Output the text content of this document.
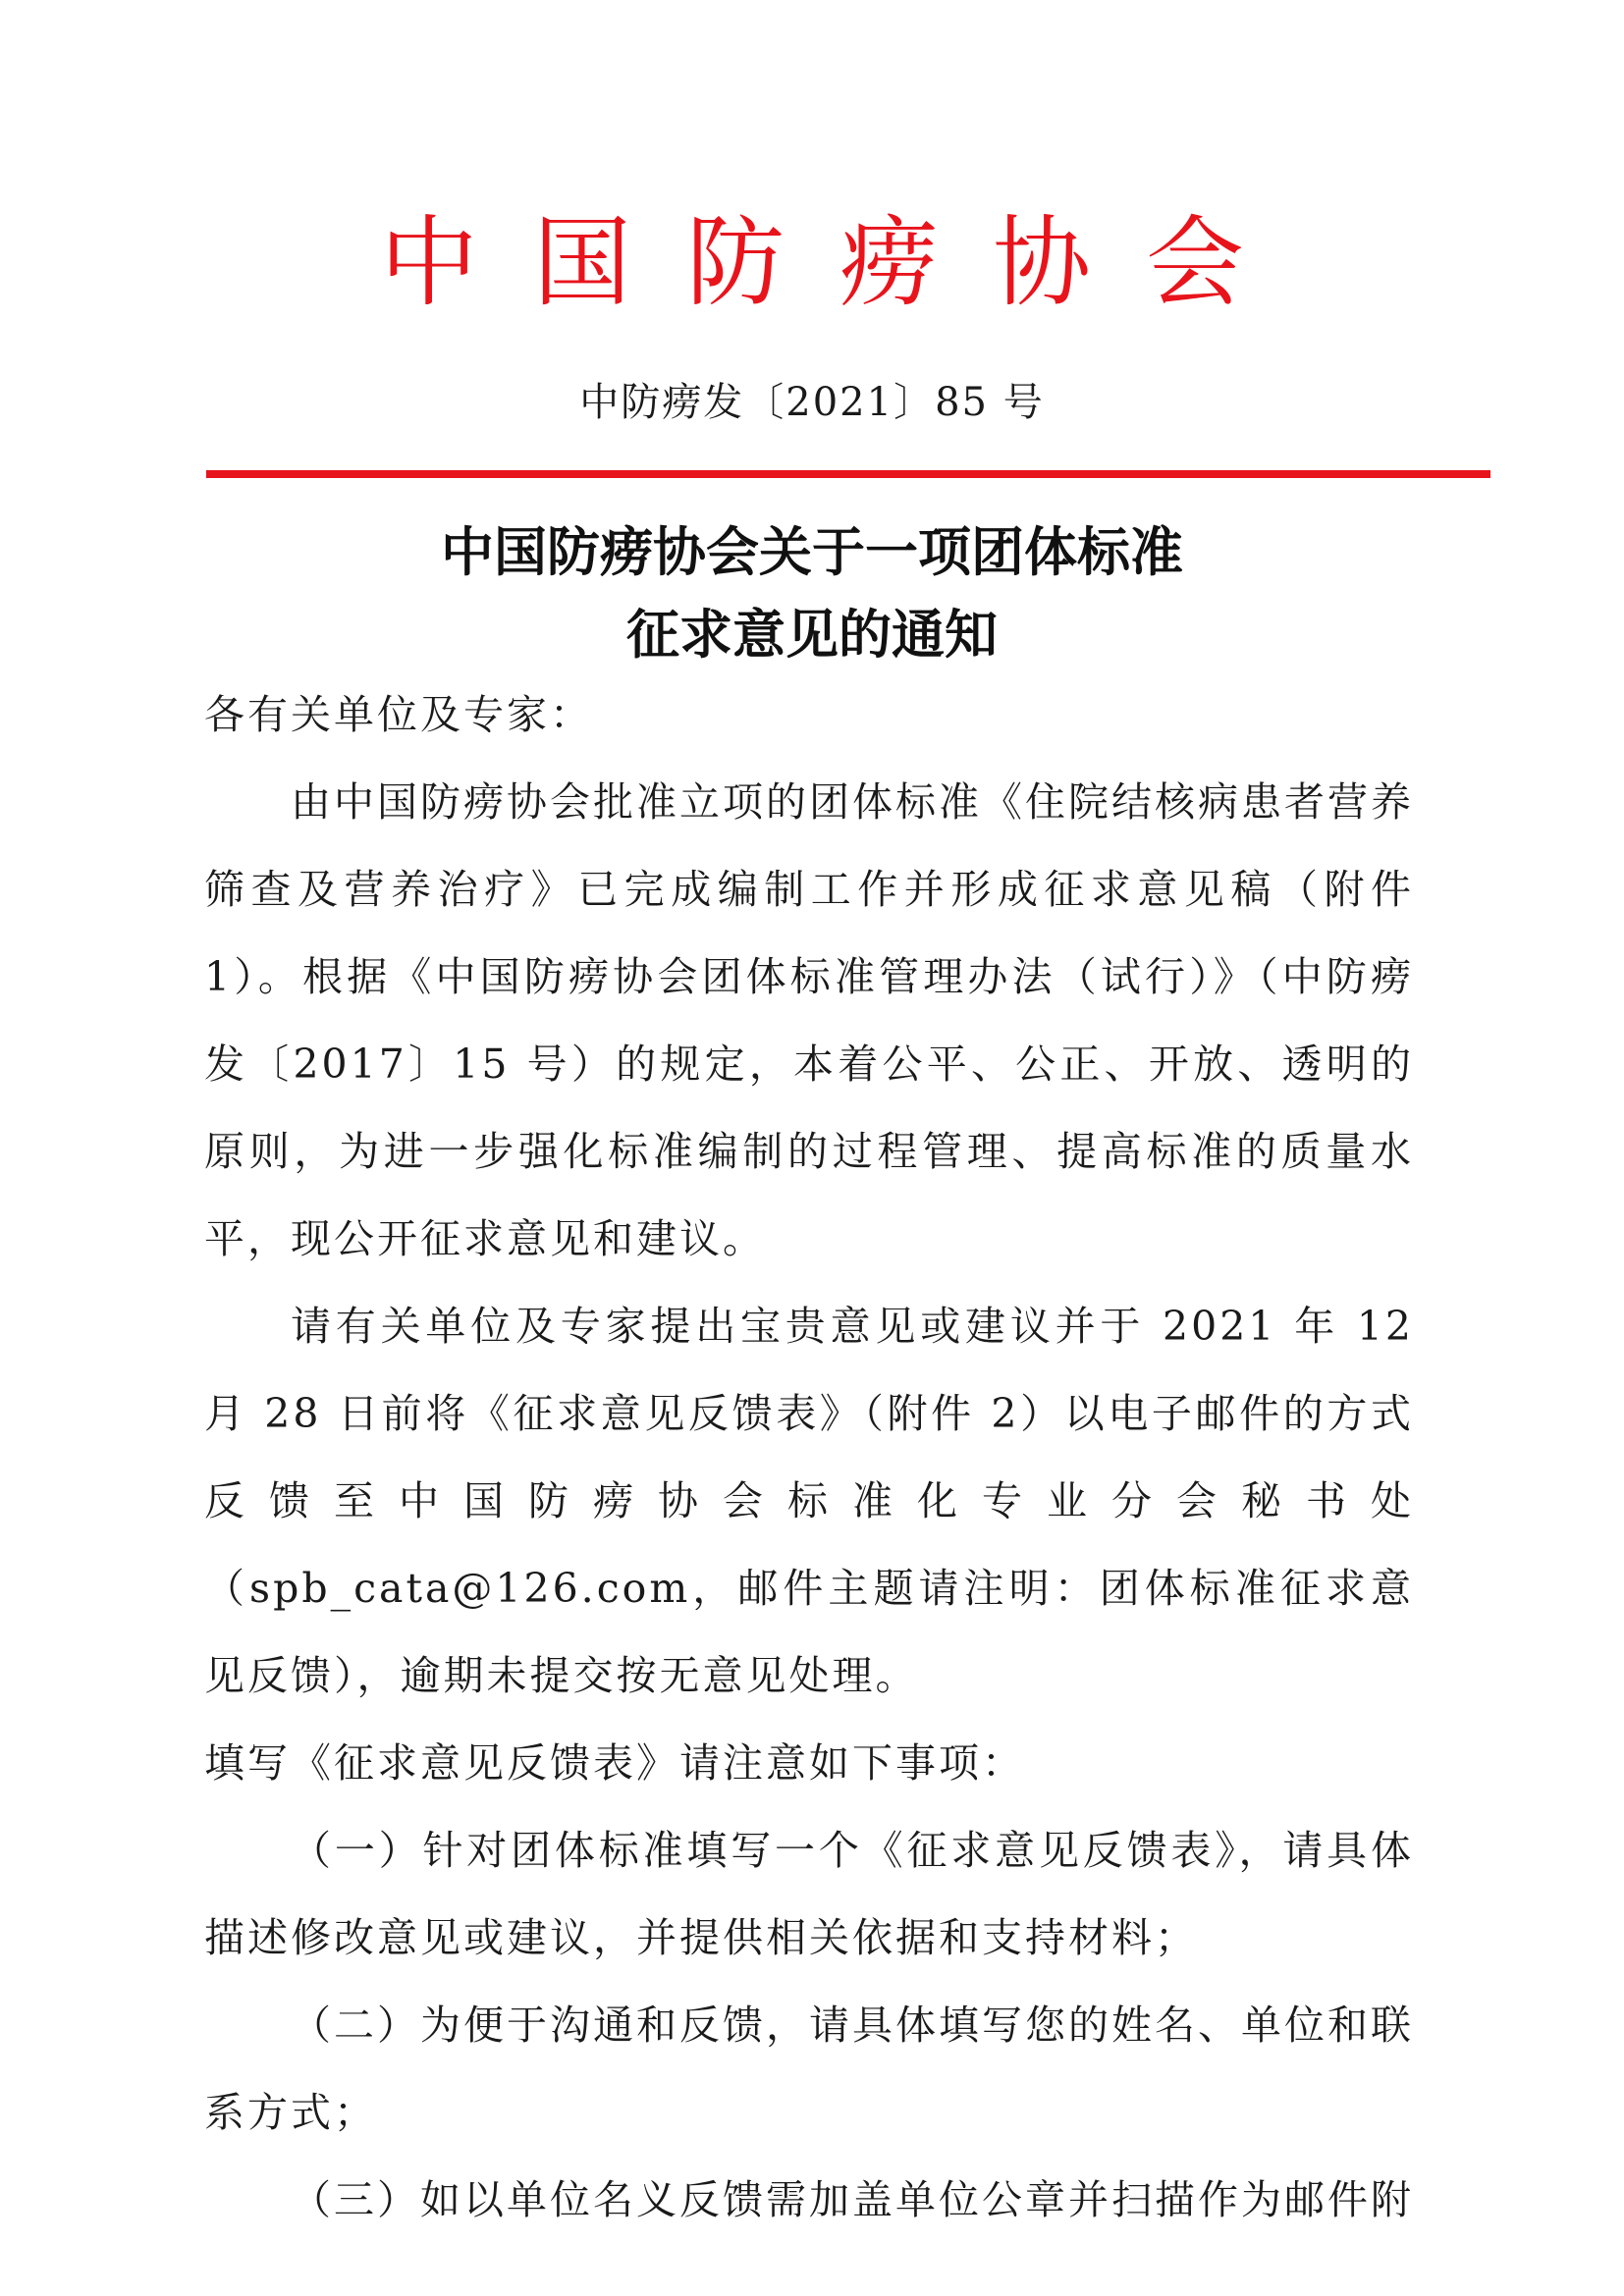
中国防痨协会
中防痨发〔2021〕85 号
中国防痨协会关于一项团体标准
征求意见的通知

各有关单位及专家：

由中国防痨协会批准立项的团体标准《住院结核病患者营养筛查及营养治疗》已完成编制工作并形成征求意见稿（附件 1）。根据《中国防痨协会团体标准管理办法（试行）》（中防痨发〔2017〕15 号）的规定，本着公平、公正、开放、透明的原则，为进一步强化标准编制的过程管理、提高标准的质量水平，现公开征求意见和建议。

请有关单位及专家提出宝贵意见或建议并于 2021 年 12 月 28 日前将《征求意见反馈表》（附件 2）以电子邮件的方式反馈至中国防痨协会标准化专业分会秘书处（spb_cata@126.com，邮件主题请注明：团体标准征求意见反馈），逾期未提交按无意见处理。

填写《征求意见反馈表》请注意如下事项：

（一）针对团体标准填写一个《征求意见反馈表》，请具体描述修改意见或建议，并提供相关依据和支持材料；

（二）为便于沟通和反馈，请具体填写您的姓名、单位和联系方式；

（三）如以单位名义反馈需加盖单位公章并扫描作为邮件附
